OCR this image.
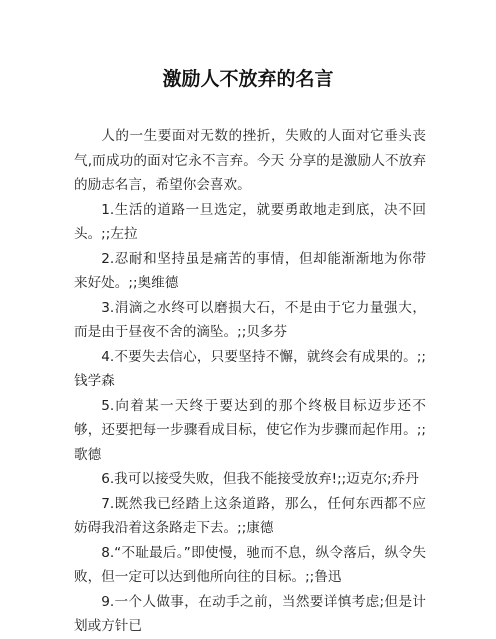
激励人不放弃的名言

人的一生要面对无数的挫折，失败的人面对它垂头丧气,而成功的面对它永不言弃。今天 分享的是激励人不放弃的励志名言，希望你会喜欢。

1.生活的道路一旦选定，就要勇敢地走到底，决不回头。;;左拉

2.忍耐和坚持虽是痛苦的事情，但却能渐渐地为你带来好处。;;奥维德

3.涓滴之水终可以磨损大石，不是由于它力量强大，而是由于昼夜不舍的滴坠。;;贝多芬

4.不要失去信心，只要坚持不懈，就终会有成果的。;;钱学森

5.向着某一天终于要达到的那个终极目标迈步还不够，还要把每一步骤看成目标，使它作为步骤而起作用。;;歌德

6.我可以接受失败，但我不能接受放弃!;;迈克尔;乔丹

7.既然我已经踏上这条道路，那么，任何东西都不应妨碍我沿着这条路走下去。;;康德

8.“不耻最后。”即使慢，驰而不息，纵令落后，纵令失败，但一定可以达到他所向往的目标。;;鲁迅

9.一个人做事，在动手之前，当然要详慎考虑;但是计划或方针已
